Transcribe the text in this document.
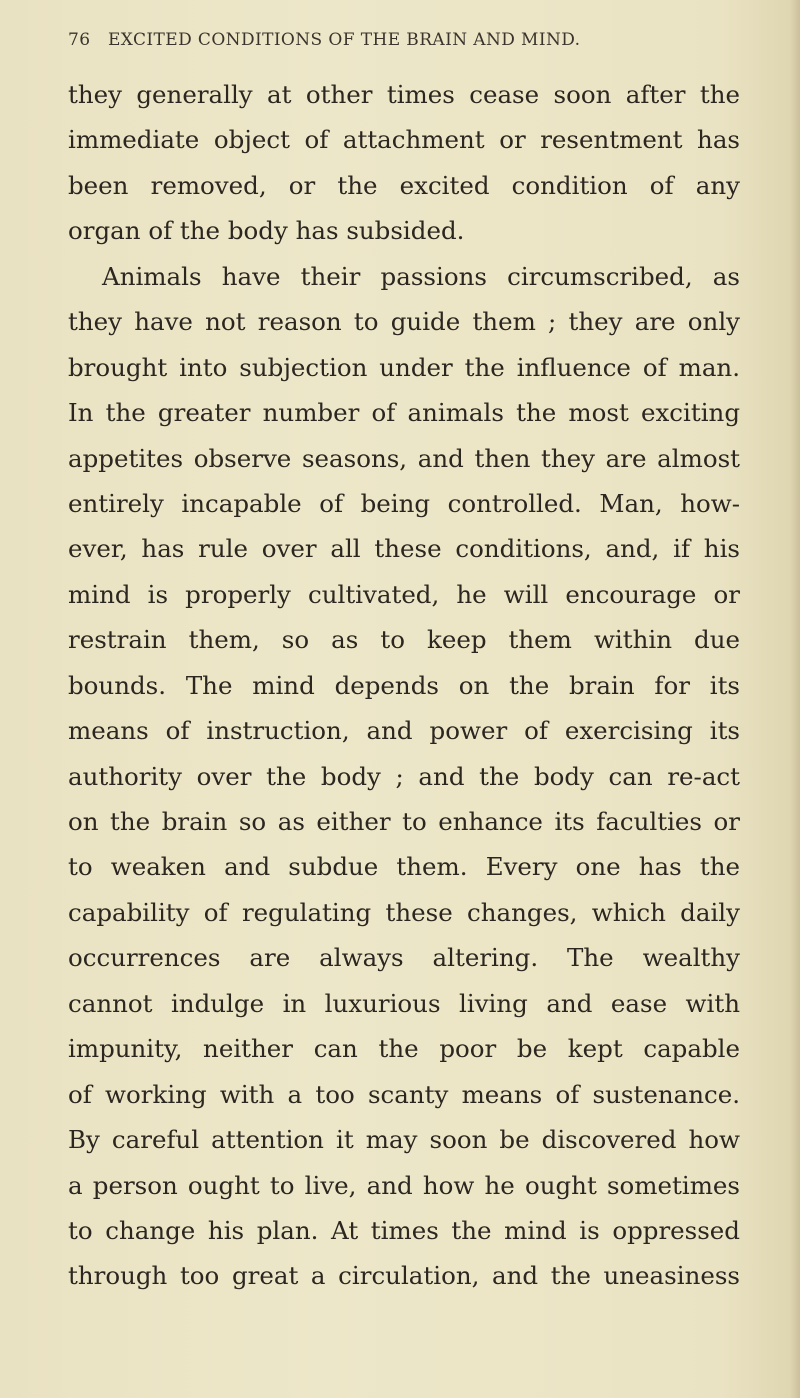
76 EXCITED CONDITIONS OF THE BRAIN AND MIND.
they generally at other times cease soon after the
immediate object of attachment or resentment has
been removed, or the excited condition of any
organ of the body has subsided.
Animals have their passions circumscribed, as
they have not reason to guide them ; they are only
brought into subjection under the influence of man.
In the greater number of animals the most exciting
appetites observe seasons, and then they are almost
entirely incapable of being controlled. Man, how-
ever, has rule over all these conditions, and, if his
mind is properly cultivated, he will encourage or
restrain them, so as to keep them within due
bounds. The mind depends on the brain for its
means of instruction, and power of exercising its
authority over the body ; and the body can re-act
on the brain so as either to enhance its faculties or
to weaken and subdue them. Every one has the
capability of regulating these changes, which daily
occurrences are always altering. The wealthy
cannot indulge in luxurious living and ease with
impunity, neither can the poor be kept capable
of working with a too scanty means of sustenance.
By careful attention it may soon be discovered how
a person ought to live, and how he ought sometimes
to change his plan. At times the mind is oppressed
through too great a circulation, and the uneasiness
